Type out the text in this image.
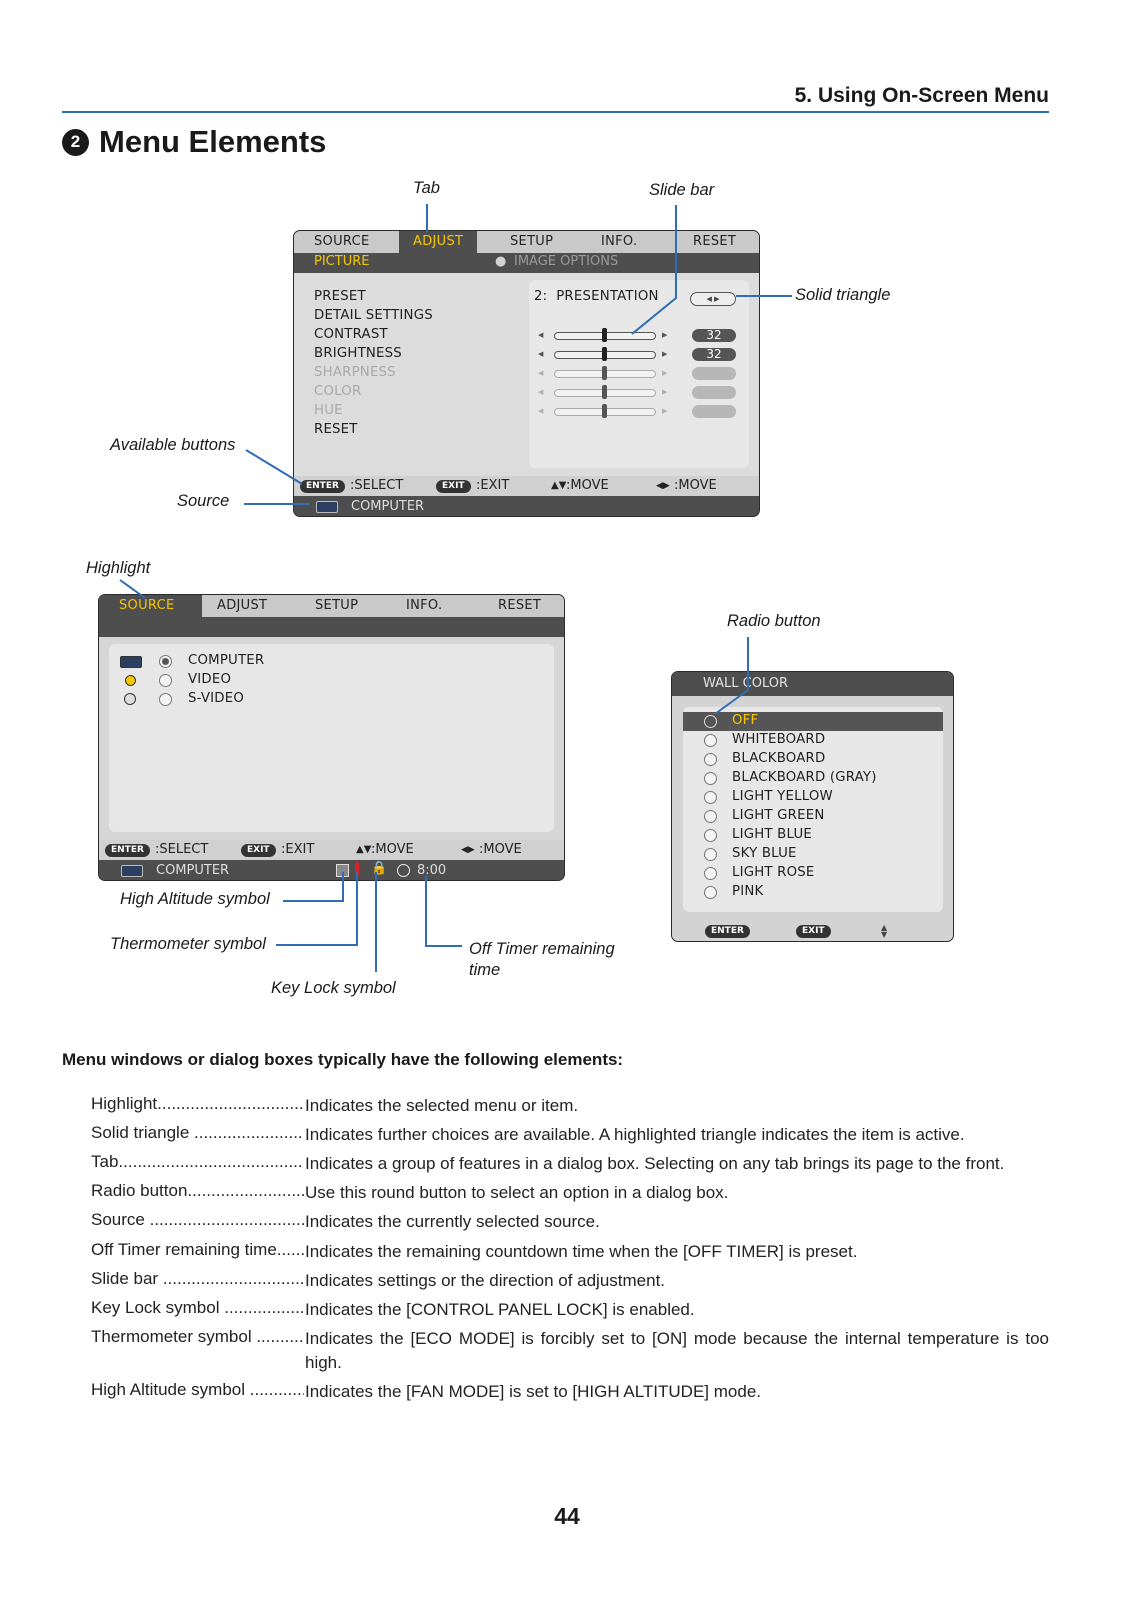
5. Using On-Screen Menu
2 Menu Elements
SOURCE	ADJUST	SETUP	INFO.	RESET
PICTURE	● IMAGE OPTIONS
PRESET
DETAIL SETTINGS
CONTRAST
BRIGHTNESS
SHARPNESS
COLOR
HUE
RESET
2:  PRESENTATION	◀ ▶
◀	▶	32
◀	▶	32
◀	▶
◀	▶
◀	▶
ENTER :SELECT	EXIT :EXIT	▲▼ :MOVE	◀▶ :MOVE
COMPUTER
SOURCE	ADJUST	SETUP	INFO.	RESET
COMPUTER
VIDEO
S-VIDEO
ENTER :SELECT	EXIT :EXIT	▲▼ :MOVE	◀▶ :MOVE
COMPUTER	🔒 8:00
WALL COLOR
OFF
WHITEBOARD
BLACKBOARD
BLACKBOARD (GRAY)
LIGHT YELLOW
LIGHT GREEN
LIGHT BLUE
SKY BLUE
LIGHT ROSE
PINK
ENTER	EXIT	▲
▼
Tab	Slide bar
Solid triangle
Available buttons
Source
Highlight
Radio button
High Altitude symbol
Thermometer symbol
Key Lock symbol
Off Timer remaining
time
Menu windows or dialog boxes typically have the following elements:
Highlight .....	Indicates the selected menu or item.
Solid triangle .....	Indicates further choices are available. A highlighted triangle indicates the item is active.
Tab .....	Indicates a group of features in a dialog box. Selecting on any tab brings its page to the front.
Radio button .....	Use this round button to select an option in a dialog box.
Source .....	Indicates the currently selected source.
Off Timer remaining time .....	Indicates the remaining countdown time when the [OFF TIMER] is preset.
Slide bar .....	Indicates settings or the direction of adjustment.
Key Lock symbol .....	Indicates the [CONTROL PANEL LOCK] is enabled.
Thermometer symbol .....	Indicates the [ECO MODE] is forcibly set to [ON] mode because the internal temperature is too high.
High Altitude symbol .....	Indicates the [FAN MODE] is set to [HIGH ALTITUDE] mode.
44
